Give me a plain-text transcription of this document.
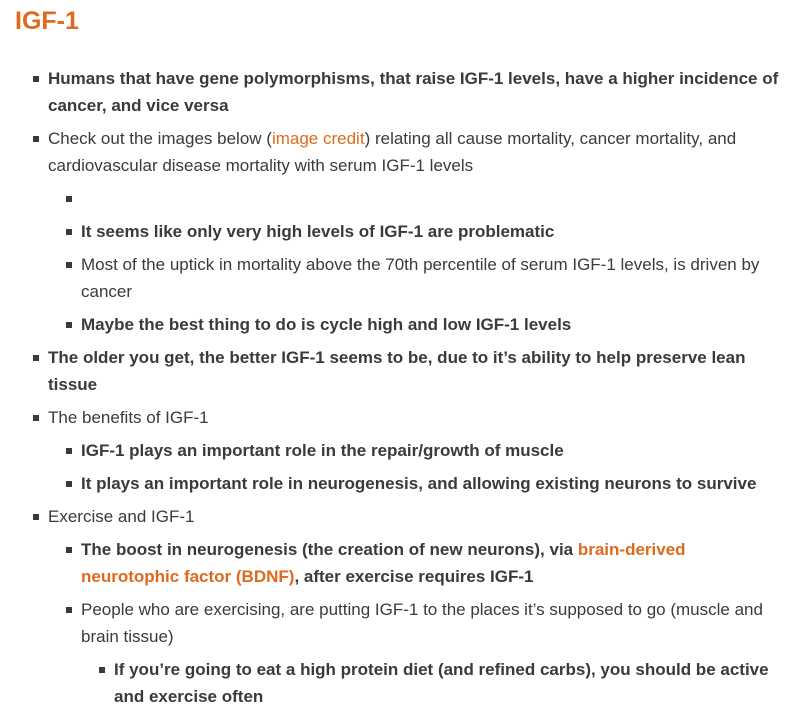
IGF-1
Humans that have gene polymorphisms, that raise IGF-1 levels, have a higher incidence of cancer, and vice versa
Check out the images below (image credit) relating all cause mortality, cancer mortality, and cardiovascular disease mortality with serum IGF-1 levels
It seems like only very high levels of IGF-1 are problematic
Most of the uptick in mortality above the 70th percentile of serum IGF-1 levels, is driven by cancer
Maybe the best thing to do is cycle high and low IGF-1 levels
The older you get, the better IGF-1 seems to be, due to it’s ability to help preserve lean tissue
The benefits of IGF-1
IGF-1 plays an important role in the repair/growth of muscle
It plays an important role in neurogenesis, and allowing existing neurons to survive
Exercise and IGF-1
The boost in neurogenesis (the creation of new neurons), via brain-derived neurotophic factor (BDNF), after exercise requires IGF-1
People who are exercising, are putting IGF-1 to the places it’s supposed to go (muscle and brain tissue)
If you’re going to eat a high protein diet (and refined carbs), you should be active and exercise often
